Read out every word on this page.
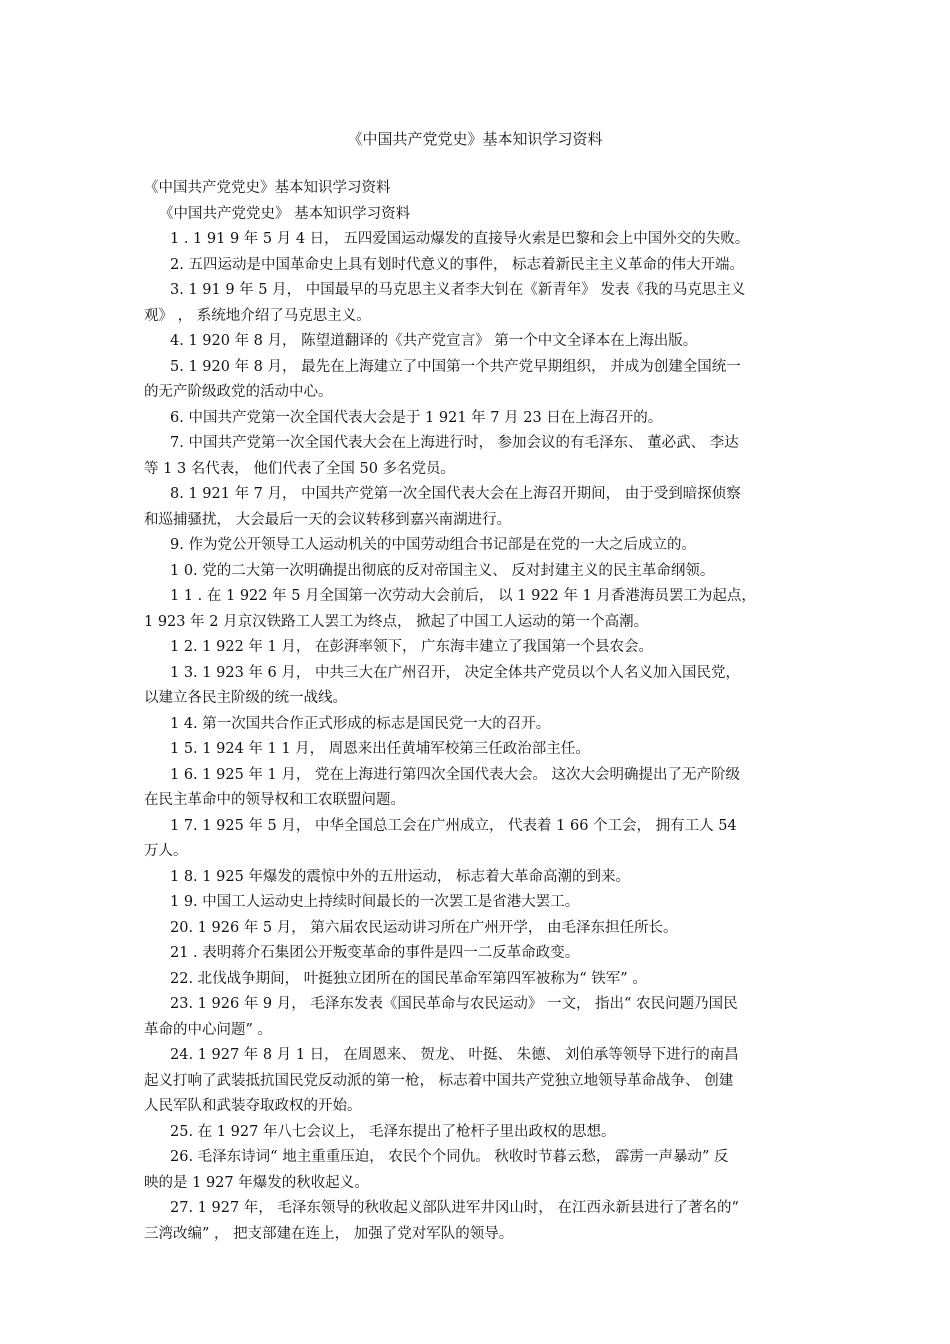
《中国共产党党史》基本知识学习资料
《中国共产党党史》基本知识学习资料
《中国共产党党史》 基本知识学习资料
1 . 1 91 9 年 5 月 4 日， 五四爱国运动爆发的直接导火索是巴黎和会上中国外交的失败。
2. 五四运动是中国革命史上具有划时代意义的事件， 标志着新民主主义革命的伟大开端。
3. 1 91 9 年 5 月， 中国最早的马克思主义者李大钊在《新青年》 发表《我的马克思主义
观》 ， 系统地介绍了马克思主义。
4. 1 920 年 8 月， 陈望道翻译的《共产党宣言》 第一个中文全译本在上海出版。
5. 1 920 年 8 月， 最先在上海建立了中国第一个共产党早期组织， 并成为创建全国统一
的无产阶级政党的活动中心。
6. 中国共产党第一次全国代表大会是于 1 921 年 7 月 23 日在上海召开的。
7. 中国共产党第一次全国代表大会在上海进行时， 参加会议的有毛泽东、 董必武、 李达
等 1 3 名代表， 他们代表了全国 50 多名党员。
8. 1 921 年 7 月， 中国共产党第一次全国代表大会在上海召开期间， 由于受到暗探侦察
和巡捕骚扰， 大会最后一天的会议转移到嘉兴南湖进行。
9. 作为党公开领导工人运动机关的中国劳动组合书记部是在党的一大之后成立的。
1 0. 党的二大第一次明确提出彻底的反对帝国主义、 反对封建主义的民主革命纲领。
1 1 . 在 1 922 年 5 月全国第一次劳动大会前后， 以 1 922 年 1 月香港海员罢工为起点，
1 923 年 2 月京汉铁路工人罢工为终点， 掀起了中国工人运动的第一个高潮。
1 2. 1 922 年 1 月， 在彭湃率领下， 广东海丰建立了我国第一个县农会。
1 3. 1 923 年 6 月， 中共三大在广州召开， 决定全体共产党员以个人名义加入国民党，
以建立各民主阶级的统一战线。
1 4. 第一次国共合作正式形成的标志是国民党一大的召开。
1 5. 1 924 年 1 1 月， 周恩来出任黄埔军校第三任政治部主任。
1 6. 1 925 年 1 月， 党在上海进行第四次全国代表大会。 这次大会明确提出了无产阶级
在民主革命中的领导权和工农联盟问题。
1 7. 1 925 年 5 月， 中华全国总工会在广州成立， 代表着 1 66 个工会， 拥有工人 54
万人。
1 8. 1 925 年爆发的震惊中外的五卅运动， 标志着大革命高潮的到来。
1 9. 中国工人运动史上持续时间最长的一次罢工是省港大罢工。
20. 1 926 年 5 月， 第六届农民运动讲习所在广州开学， 由毛泽东担任所长。
21 . 表明蒋介石集团公开叛变革命的事件是四一二反革命政变。
22. 北伐战争期间， 叶挺独立团所在的国民革命军第四军被称为“ 铁军” 。
23. 1 926 年 9 月， 毛泽东发表《国民革命与农民运动》 一文， 指出“ 农民问题乃国民
革命的中心问题” 。
24. 1 927 年 8 月 1 日， 在周恩来、 贺龙、 叶挺、 朱德、 刘伯承等领导下进行的南昌
起义打响了武装抵抗国民党反动派的第一枪， 标志着中国共产党独立地领导革命战争、 创建
人民军队和武装夺取政权的开始。
25. 在 1 927 年八七会议上， 毛泽东提出了枪杆子里出政权的思想。
26. 毛泽东诗词“ 地主重重压迫， 农民个个同仇。 秋收时节暮云愁， 霹雳一声暴动” 反
映的是 1 927 年爆发的秋收起义。
27. 1 927 年， 毛泽东领导的秋收起义部队进军井冈山时， 在江西永新县进行了著名的“
三湾改编” ， 把支部建在连上， 加强了党对军队的领导。
